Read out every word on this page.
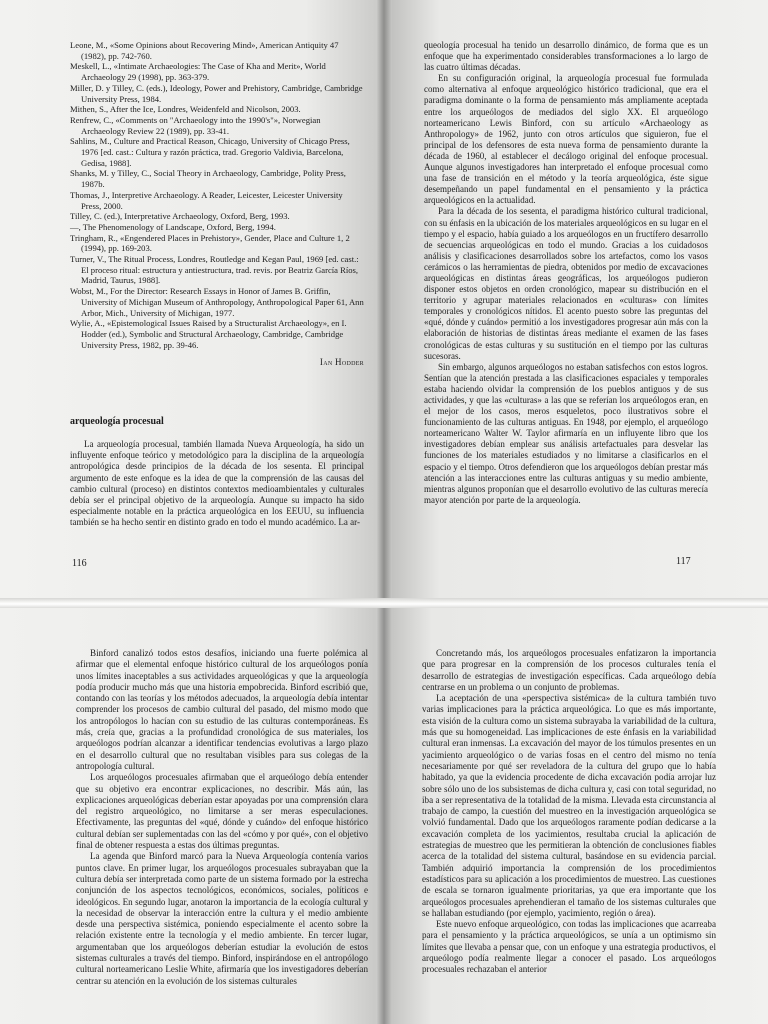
Leone, M., «Some Opinions about Recovering Mind», American Antiquity 47 (1982), pp. 742-760.

Meskell, L., «Intimate Archaeologies: The Case of Kha and Merit», World Archaeology 29 (1998), pp. 363-379.

Miller, D. y Tilley, C. (eds.), Ideology, Power and Prehistory, Cambridge, Cambridge University Press, 1984.

Mithen, S., After the Ice, Londres, Weidenfeld and Nicolson, 2003.

Renfrew, C., «Comments on "Archaeology into the 1990's"», Norwegian Archaeology Review 22 (1989), pp. 33-41.

Sahlins, M., Culture and Practical Reason, Chicago, University of Chicago Press, 1976 [ed. cast.: Cultura y razón práctica, trad. Gregorio Valdivia, Barcelona, Gedisa, 1988].

Shanks, M. y Tilley, C., Social Theory in Archaeology, Cambridge, Polity Press, 1987b.

Thomas, J., Interpretive Archaeology. A Reader, Leicester, Leicester University Press, 2000.

Tilley, C. (ed.), Interpretative Archaeology, Oxford, Berg, 1993.

—, The Phenomenology of Landscape, Oxford, Berg, 1994.

Tringham, R., «Engendered Places in Prehistory», Gender, Place and Culture 1, 2 (1994), pp. 169-203.

Turner, V., The Ritual Process, Londres, Routledge and Kegan Paul, 1969 [ed. cast.: El proceso ritual: estructura y antiestructura, trad. revis. por Beatriz García Ríos, Madrid, Taurus, 1988].

Wobst, M., For the Director: Research Essays in Honor of James B. Griffin, University of Michigan Museum of Anthropology, Anthropological Paper 61, Ann Arbor, Mich., University of Michigan, 1977.

Wylie, A., «Epistemological Issues Raised by a Structuralist Archaeology», en I. Hodder (ed.), Symbolic and Structural Archaeology, Cambridge, Cambridge University Press, 1982, pp. 39-46.

Ian Hodder
arqueología procesual

La arqueología procesual, también llamada Nueva Arqueología, ha sido un influyente enfoque teórico y metodológico para la disciplina de la arqueología antropológica desde principios de la década de los sesenta. El principal argumento de este enfoque es la idea de que la comprensión de las causas del cambio cultural (proceso) en distintos contextos medioambientales y culturales debía ser el principal objetivo de la arqueología. Aunque su impacto ha sido especialmente notable en la práctica arqueológica en los EEUU, su influencia también se ha hecho sentir en distinto grado en todo el mundo académico. La ar-

116

queología procesual ha tenido un desarrollo dinámico, de forma que es un enfoque que ha experimentado considerables transformaciones a lo largo de las cuatro últimas décadas.

En su configuración original, la arqueología procesual fue formulada como alternativa al enfoque arqueológico histórico tradicional, que era el paradigma dominante o la forma de pensamiento más ampliamente aceptada entre los arqueólogos de mediados del siglo XX. El arqueólogo norteamericano Lewis Binford, con su artículo «Archaeology as Anthropology» de 1962, junto con otros artículos que siguieron, fue el principal de los defensores de esta nueva forma de pensamiento durante la década de 1960, al establecer el decálogo original del enfoque procesual. Aunque algunos investigadores han interpretado el enfoque procesual como una fase de transición en el método y la teoría arqueológica, éste sigue desempeñando un papel fundamental en el pensamiento y la práctica arqueológicos en la actualidad.

Para la década de los sesenta, el paradigma histórico cultural tradicional, con su énfasis en la ubicación de los materiales arqueológicos en su lugar en el tiempo y el espacio, había guiado a los arqueólogos en un fructífero desarrollo de secuencias arqueológicas en todo el mundo. Gracias a los cuidadosos análisis y clasificaciones desarrollados sobre los artefactos, como los vasos cerámicos o las herramientas de piedra, obtenidos por medio de excavaciones arqueológicas en distintas áreas geográficas, los arqueólogos pudieron disponer estos objetos en orden cronológico, mapear su distribución en el territorio y agrupar materiales relacionados en «culturas» con límites temporales y cronológicos nítidos. El acento puesto sobre las preguntas del «qué, dónde y cuándo» permitió a los investigadores progresar aún más con la elaboración de historias de distintas áreas mediante el examen de las fases cronológicas de estas culturas y su sustitución en el tiempo por las culturas sucesoras.

Sin embargo, algunos arqueólogos no estaban satisfechos con estos logros. Sentían que la atención prestada a las clasificaciones espaciales y temporales estaba haciendo olvidar la comprensión de los pueblos antiguos y de sus actividades, y que las «culturas» a las que se referían los arqueólogos eran, en el mejor de los casos, meros esqueletos, poco ilustrativos sobre el funcionamiento de las culturas antiguas. En 1948, por ejemplo, el arqueólogo norteamericano Walter W. Taylor afirmaría en un influyente libro que los investigadores debían emplear sus análisis artefactuales para desvelar las funciones de los materiales estudiados y no limitarse a clasificarlos en el espacio y el tiempo. Otros defendieron que los arqueólogos debían prestar más atención a las interacciones entre las culturas antiguas y su medio ambiente, mientras algunos proponían que el desarrollo evolutivo de las culturas merecía mayor atención por parte de la arqueología.

117

Binford canalizó todos estos desafíos, iniciando una fuerte polémica al afirmar que el elemental enfoque histórico cultural de los arqueólogos ponía unos límites inaceptables a sus actividades arqueológicas y que la arqueología podía producir mucho más que una historia empobrecida. Binford escribió que, contando con las teorías y los métodos adecuados, la arqueología debía intentar comprender los procesos de cambio cultural del pasado, del mismo modo que los antropólogos lo hacían con su estudio de las culturas contemporáneas. Es más, creía que, gracias a la profundidad cronológica de sus materiales, los arqueólogos podrían alcanzar a identificar tendencias evolutivas a largo plazo en el desarrollo cultural que no resultaban visibles para sus colegas de la antropología cultural.

Los arqueólogos procesuales afirmaban que el arqueólogo debía entender que su objetivo era encontrar explicaciones, no describir. Más aún, las explicaciones arqueológicas deberían estar apoyadas por una comprensión clara del registro arqueológico, no limitarse a ser meras especulaciones. Efectivamente, las preguntas del «qué, dónde y cuándo» del enfoque histórico cultural debían ser suplementadas con las del «cómo y por qué», con el objetivo final de obtener respuesta a estas dos últimas preguntas.

La agenda que Binford marcó para la Nueva Arqueología contenía varios puntos clave. En primer lugar, los arqueólogos procesuales subrayaban que la cultura debía ser interpretada como parte de un sistema formado por la estrecha conjunción de los aspectos tecnológicos, económicos, sociales, políticos e ideológicos. En segundo lugar, anotaron la importancia de la ecología cultural y la necesidad de observar la interacción entre la cultura y el medio ambiente desde una perspectiva sistémica, poniendo especialmente el acento sobre la relación existente entre la tecnología y el medio ambiente. En tercer lugar, argumentaban que los arqueólogos deberían estudiar la evolución de estos sistemas culturales a través del tiempo. Binford, inspirándose en el antropólogo cultural norteamericano Leslie White, afirmaría que los investigadores deberían centrar su atención en la evolución de los sistemas culturales

Concretando más, los arqueólogos procesuales enfatizaron la importancia que para progresar en la comprensión de los procesos culturales tenía el desarrollo de estrategias de investigación específicas. Cada arqueólogo debía centrarse en un problema o un conjunto de problemas.

La aceptación de una «perspectiva sistémica» de la cultura también tuvo varias implicaciones para la práctica arqueológica. Lo que es más importante, esta visión de la cultura como un sistema subrayaba la variabilidad de la cultura, más que su homogeneidad. Las implicaciones de este énfasis en la variabilidad cultural eran inmensas. La excavación del mayor de los túmulos presentes en un yacimiento arqueológico o de varias fosas en el centro del mismo no tenía necesariamente por qué ser reveladora de la cultura del grupo que lo había habitado, ya que la evidencia procedente de dicha excavación podía arrojar luz sobre sólo uno de los subsistemas de dicha cultura y, casi con total seguridad, no iba a ser representativa de la totalidad de la misma. Llevada esta circunstancia al trabajo de campo, la cuestión del muestreo en la investigación arqueológica se volvió fundamental. Dado que los arqueólogos raramente podían dedicarse a la excavación completa de los yacimientos, resultaba crucial la aplicación de estrategias de muestreo que les permitieran la obtención de conclusiones fiables acerca de la totalidad del sistema cultural, basándose en su evidencia parcial. También adquirió importancia la comprensión de los procedimientos estadísticos para su aplicación a los procedimientos de muestreo. Las cuestiones de escala se tornaron igualmente prioritarias, ya que era importante que los arqueólogos procesuales aprehendieran el tamaño de los sistemas culturales que se hallaban estudiando (por ejemplo, yacimiento, región o área).

Este nuevo enfoque arqueológico, con todas las implicaciones que acarreaba para el pensamiento y la práctica arqueológicos, se unía a un optimismo sin límites que llevaba a pensar que, con un enfoque y una estrategia productivos, el arqueólogo podía realmente llegar a conocer el pasado. Los arqueólogos procesuales rechazaban el anterior
